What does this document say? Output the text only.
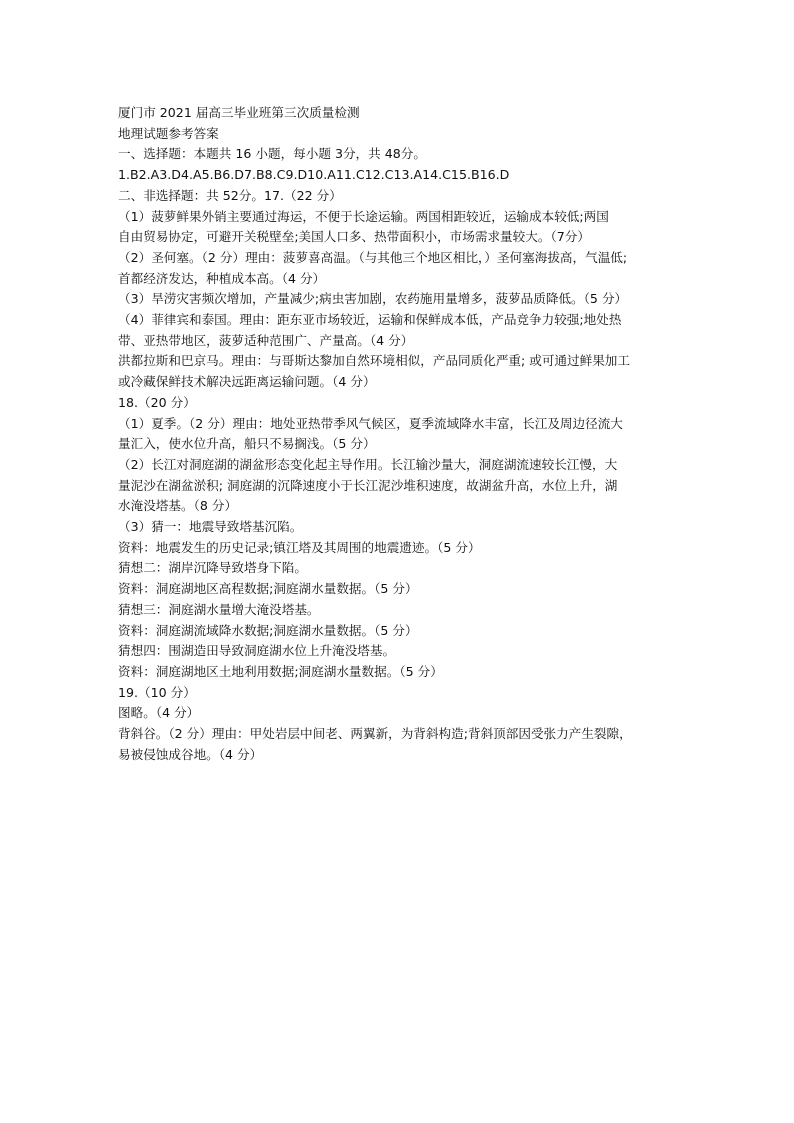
厦门市 2021 届高三毕业班第三次质量检测

地理试题参考答案

一、选择题：本题共 16 小题，每小题 3分，共 48分。

1.B2.A3.D4.A5.B6.D7.B8.C9.D10.A11.C12.C13.A14.C15.B16.D

二、非选择题：共 52分。17.（22 分）

（1）菠萝鲜果外销主要通过海运，不便于长途运输。两国相距较近，运输成本较低;两国

自由贸易协定，可避开关税壁垒;美国人口多、热带面积小，市场需求量较大。（7分）

（2）圣何塞。（2 分）理由：菠萝喜高温。（与其他三个地区相比，）圣何塞海拔高，气温低;

首都经济发达，种植成本高。（4 分）

（3）旱涝灾害频次增加，产量减少;病虫害加剧，农药施用量增多，菠萝品质降低。（5 分）

（4）菲律宾和泰国。理由：距东亚市场较近，运输和保鲜成本低，产品竞争力较强;地处热

带、亚热带地区，菠萝适种范围广、产量高。（4 分）

洪都拉斯和巴京马。理由：与哥斯达黎加自然环境相似，产品同质化严重; 或可通过鲜果加工

或冷藏保鲜技术解决远距离运输问题。（4 分）

18.（20 分）

（1）夏季。（2 分）理由：地处亚热带季风气候区，夏季流域降水丰富，长江及周边径流大

量汇入，使水位升高，船只不易搁浅。（5 分）

（2）长江对洞庭湖的湖盆形态变化起主导作用。长江输沙量大，洞庭湖流速较长江慢，大

量泥沙在湖盆淤积; 洞庭湖的沉降速度小于长江泥沙堆积速度，故湖盆升高，水位上升，湖

水淹没塔基。（8 分）

（3）猜一：地震导致塔基沉陷。

资料：地震发生的历史记录;镇江塔及其周围的地震遗迹。（5 分）

猜想二：湖岸沉降导致塔身下陷。

资料：洞庭湖地区高程数据;洞庭湖水量数据。（5 分）

猜想三：洞庭湖水量增大淹没塔基。

资料：洞庭湖流域降水数据;洞庭湖水量数据。（5 分）

猜想四：围湖造田导致洞庭湖水位上升淹没塔基。

资料：洞庭湖地区土地利用数据;洞庭湖水量数据。（5 分）

19.（10 分）

图略。（4 分）

背斜谷。（2 分）理由：甲处岩层中间老、两翼新，为背斜构造;背斜顶部因受张力产生裂隙，

易被侵蚀成谷地。（4 分）
